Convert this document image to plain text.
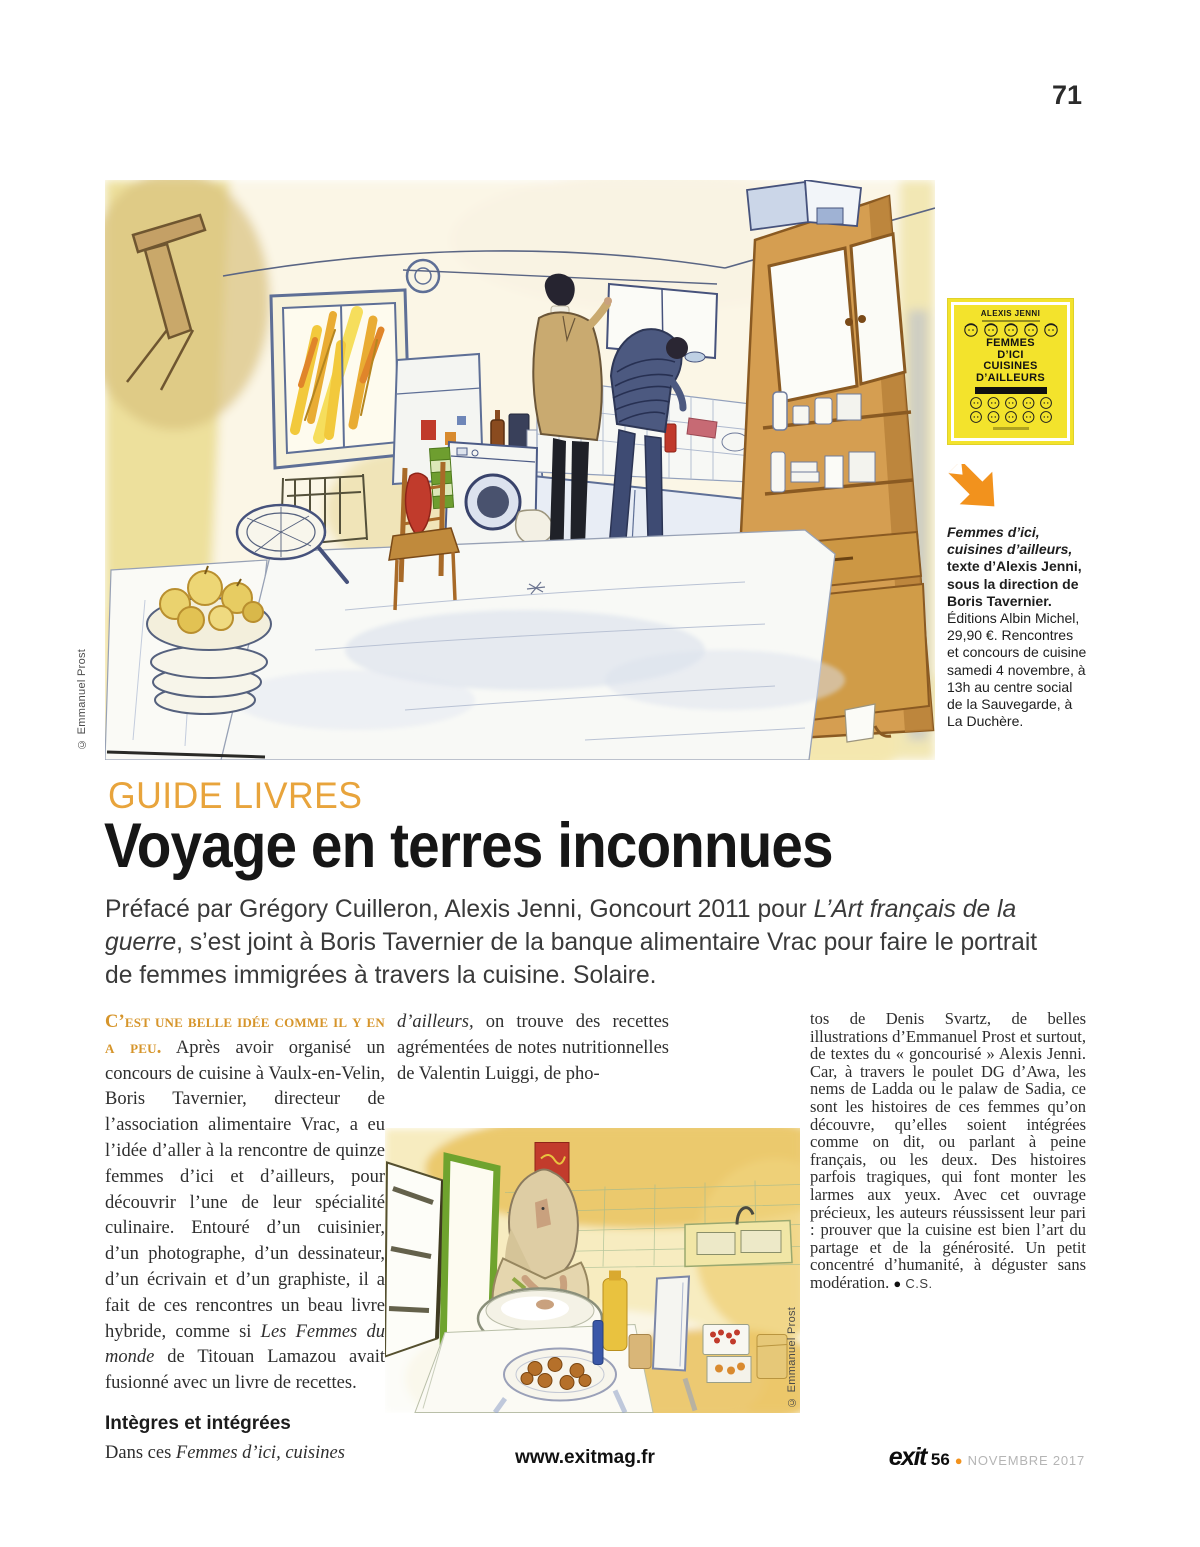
71
© Emmanuel Prost
ALEXIS JENNI
FEMMES
D’ICI
CUISINES
D’AILLEURS

Femmes d’ici, cuisines d’ailleurs, texte d’Alexis Jenni, sous la direction de Boris Tavernier. Éditions Albin Michel, 29,90 €. Rencontres et concours de cuisine samedi 4 novembre, à 13h au centre social de la Sauvegarde, à La Duchère.

GUIDE LIVRES
Voyage en terres inconnues

Préfacé par Grégory Cuilleron, Alexis Jenni, Goncourt 2011 pour L’Art français de la guerre, s’est joint à Boris Tavernier de la banque alimentaire Vrac pour faire le portrait de femmes immigrées à travers la cuisine. Solaire.

C’est une belle idée comme il y en a peu. Après avoir organisé un concours de cuisine à Vaulx-en-Velin, Boris Tavernier, directeur de l’association alimentaire Vrac, a eu l’idée d’aller à la rencontre de quinze femmes d’ici et d’ailleurs, pour découvrir l’une de leur spécialité culinaire. Entouré d’un cuisinier, d’un photographe, d’un dessinateur, d’un écrivain et d’un graphiste, il a fait de ces rencontres un beau livre hybride, comme si Les Femmes du monde de Titouan Lamazou avait fusionné avec un livre de recettes.

Intègres et intégrées

Dans ces Femmes d’ici, cuisines

d’ailleurs, on trouve des recettes agrémentées de notes nutritionnelles de Valentin Luiggi, de pho-

tos de Denis Svartz, de belles illustrations d’Emmanuel Prost et surtout, de textes du « goncourisé » Alexis Jenni. Car, à travers le poulet DG d’Awa, les nems de Ladda ou le palaw de Sadia, ce sont les histoires de ces femmes qu’on découvre, qu’elles soient intégrées comme on dit, ou parlant à peine français, ou les deux. Des histoires parfois tragiques, qui font monter les larmes aux yeux. Avec cet ouvrage précieux, les auteurs réussissent leur pari : prouver que la cuisine est bien l’art du partage et de la générosité. Un petit concentré d’humanité, à déguster sans modération. ● C.S.

© Emmanuel Prost
www.exitmag.fr	exit 56 ● NOVEMBRE 2017
